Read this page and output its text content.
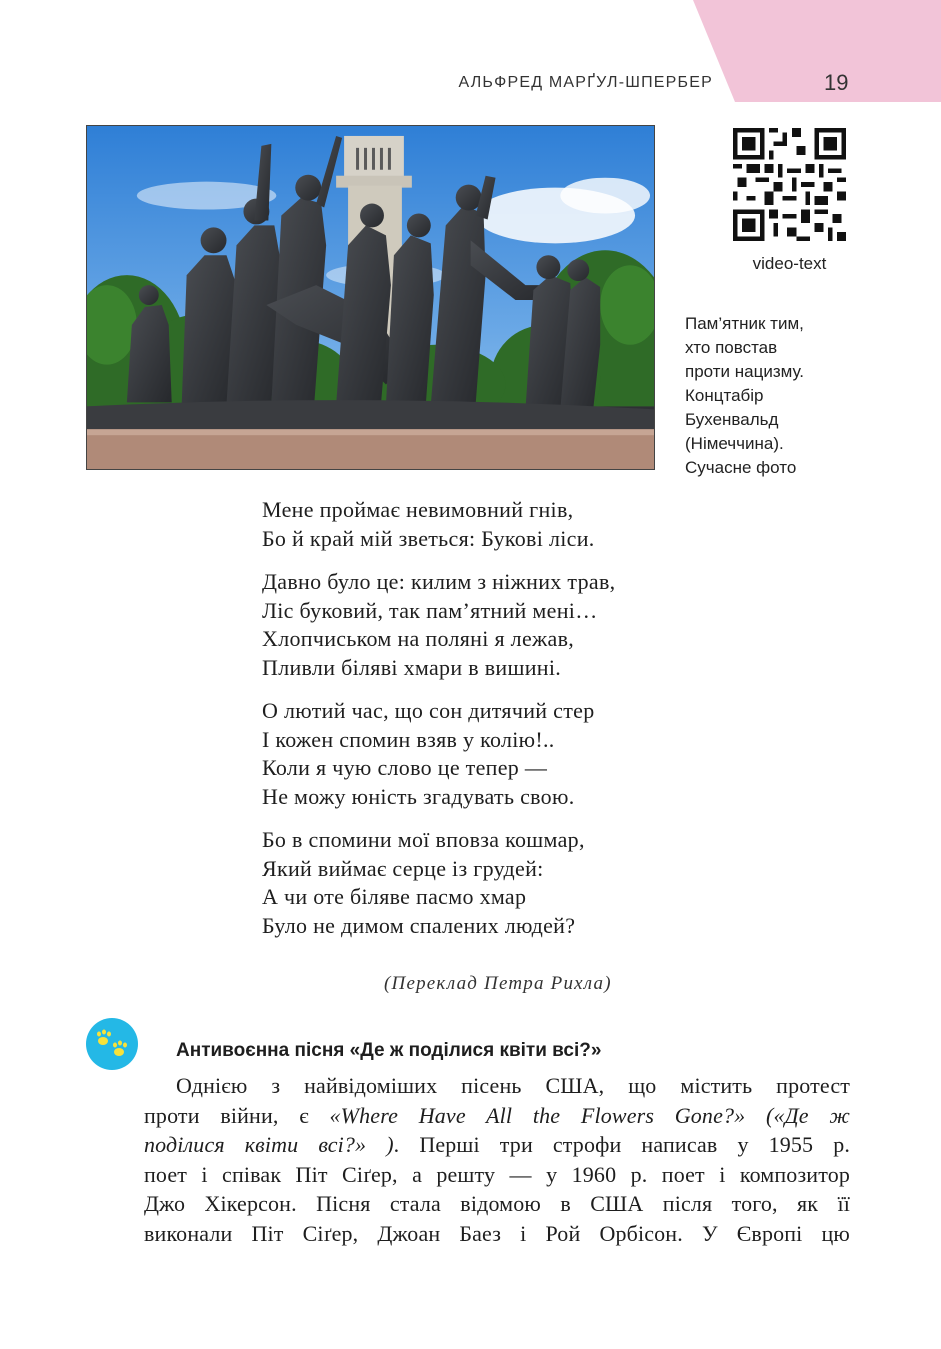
АЛЬФРЕД МАРҐУЛ-ШПЕРБЕР	19
video-text
Пам’ятник тим,
хто повстав
проти нацизму.
Концтабір
Бухенвальд
(Німеччина).
Сучасне фото
Мене проймає невимовний гнів,
Бо й край мій зветься: Букові ліси.
Давно було це: килим з ніжних трав,
Ліс буковий, так пам’ятний мені…
Хлопчиськом на поляні я лежав,
Пливли біляві хмари в вишині.
О лютий час, що сон дитячий стер
І кожен спомин взяв у колію!..
Коли я чую слово це тепер —
Не можу юність згадувать свою.
Бо в спомини мої вповза кошмар,
Який виймає серце із грудей:
А чи оте біляве пасмо хмар
Було не димом спалених людей?
(Переклад Петра Рихла)
Антивоєнна пісня «Де ж поділися квіти всі?»
Однією з найвідоміших пісень США, що містить протест
проти війни, є «Where Have All the Flowers Gone?» («Де ж
поділися квіти всі?» ). Перші три строфи написав у 1955 р.
поет і співак Піт Сіґер, а решту — у 1960 р. поет і композитор
Джо Хікерсон. Пісня стала відомою в США після того, як її
виконали Піт Сіґер, Джоан Баез і Рой Орбісон. У Європі цю
